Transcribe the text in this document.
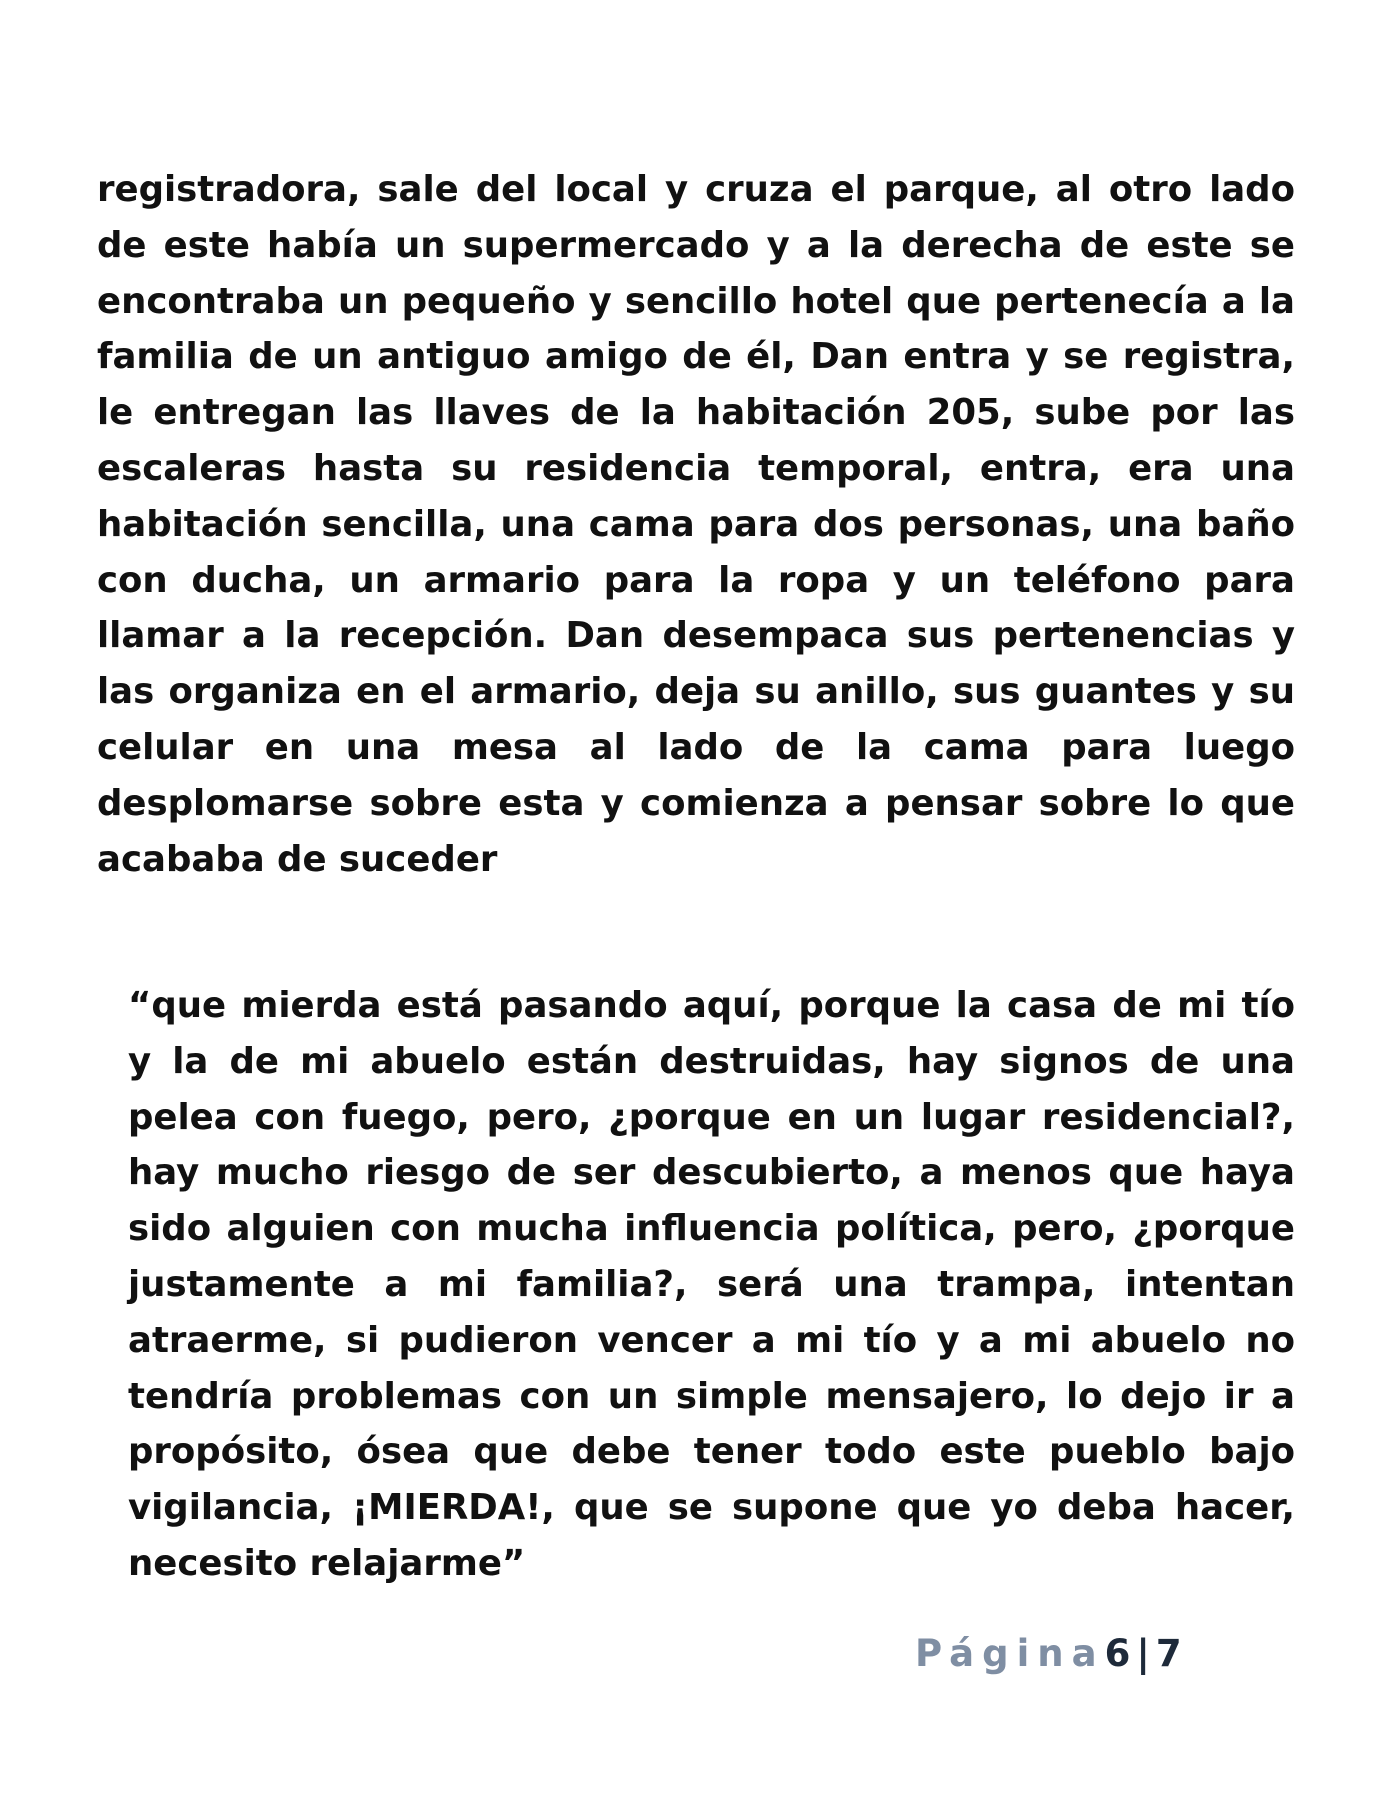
registradora, sale del local y cruza el parque, al otro lado de este había un supermercado y a la derecha de este se encontraba un pequeño y sencillo hotel que pertenecía a la familia de un antiguo amigo de él, Dan entra y se registra, le entregan las llaves de la habitación 205, sube por las escaleras hasta su residencia temporal, entra, era una habitación sencilla, una cama para dos personas, una baño con ducha, un armario para la ropa y un teléfono para llamar a la recepción. Dan desempaca sus pertenencias y las organiza en el armario, deja su anillo, sus guantes y su celular en una mesa al lado de la cama para luego desplomarse sobre esta y comienza a pensar sobre lo que acababa de suceder

“que mierda está pasando aquí, porque la casa de mi tío y la de mi abuelo están destruidas, hay signos de una pelea con fuego, pero, ¿porque en un lugar residencial?, hay mucho riesgo de ser descubierto, a menos que haya sido alguien con mucha influencia política, pero, ¿porque justamente a mi familia?, será una trampa, intentan atraerme, si pudieron vencer a mi tío y a mi abuelo no tendría problemas con un simple mensajero, lo dejo ir a propósito, ósea que debe tener todo este pueblo bajo vigilancia, ¡MIERDA!, que se supone que yo deba hacer, necesito relajarme”

Página6 | 7
